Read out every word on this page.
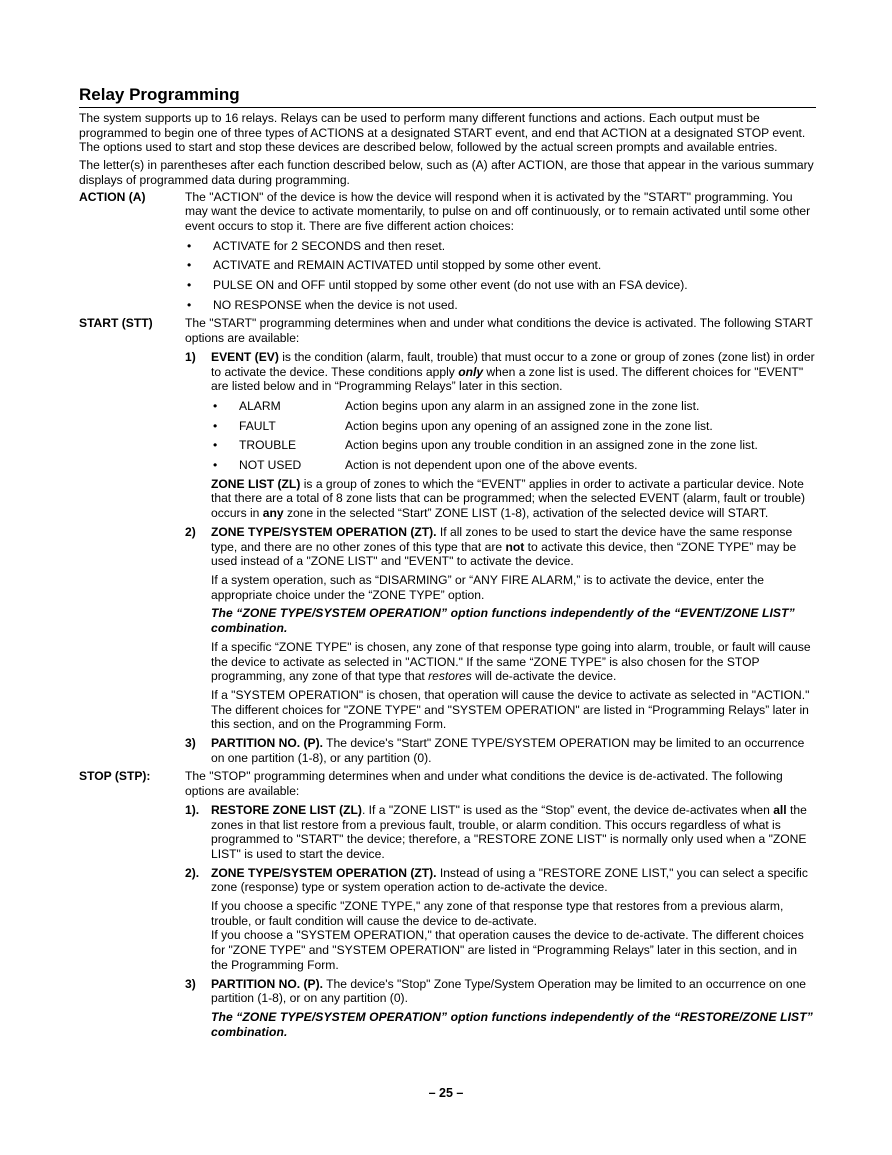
Relay Programming

The system supports up to 16 relays. Relays can be used to perform many different functions and actions. Each output must be programmed to begin one of three types of ACTIONS at a designated START event, and end that ACTION at a designated STOP event. The options used to start and stop these devices are described below, followed by the actual screen prompts and available entries.

The letter(s) in parentheses after each function described below, such as (A) after ACTION, are those that appear in the various summary displays of programmed data during programming.

ACTION (A)	The "ACTION" of the device is how the device will respond when it is activated by the "START" programming. You may want the device to activate momentarily, to pulse on and off continuously, or to remain activated until some other event occurs to stop it. There are five different action choices:

•	ACTIVATE for 2 SECONDS and then reset.
•	ACTIVATE and REMAIN ACTIVATED until stopped by some other event.
•	PULSE ON and OFF until stopped by some other event (do not use with an FSA device).
•	NO RESPONSE when the device is not used.
START (STT)	The "START" programming determines when and under what conditions the device is activated. The following START options are available:

1)	EVENT (EV) is the condition (alarm, fault, trouble) that must occur to a zone or group of zones (zone list) in order to activate the device. These conditions apply only when a zone list is used. The different choices for "EVENT" are listed below and in “Programming Relays” later in this section.

•	ALARM	Action begins upon any alarm in an assigned zone in the zone list.
•	FAULT	Action begins upon any opening of an assigned zone in the zone list.
•	TROUBLE	Action begins upon any trouble condition in an assigned zone in the zone list.
•	NOT USED	Action is not dependent upon one of the above events.

ZONE LIST (ZL) is a group of zones to which the “EVENT” applies in order to activate a particular device. Note that there are a total of 8 zone lists that can be programmed; when the selected EVENT (alarm, fault or trouble) occurs in any zone in the selected “Start” ZONE LIST (1-8), activation of the selected device will START.

2)	ZONE TYPE/SYSTEM OPERATION (ZT). If all zones to be used to start the device have the same response type, and there are no other zones of this type that are not to activate this device, then “ZONE TYPE” may be used instead of a "ZONE LIST" and "EVENT" to activate the device.

If a system operation, such as “DISARMING” or “ANY FIRE ALARM,” is to activate the device, enter the appropriate choice under the “ZONE TYPE” option.

The “ZONE TYPE/SYSTEM OPERATION” option functions independently of the “EVENT/ZONE LIST” combination.

If a specific “ZONE TYPE" is chosen, any zone of that response type going into alarm, trouble, or fault will cause the device to activate as selected in "ACTION." If the same “ZONE TYPE” is also chosen for the STOP programming, any zone of that type that restores will de-activate the device.

If a "SYSTEM OPERATION" is chosen, that operation will cause the device to activate as selected in "ACTION." The different choices for "ZONE TYPE" and "SYSTEM OPERATION" are listed in “Programming Relays” later in this section, and on the Programming Form.

3)	PARTITION NO. (P). The device's "Start" ZONE TYPE/SYSTEM OPERATION may be limited to an occurrence on one partition (1-8), or any partition (0).

STOP (STP):	The "STOP" programming determines when and under what conditions the device is de-activated. The following options are available:

1). RESTORE ZONE LIST (ZL). If a "ZONE LIST" is used as the “Stop” event, the device de-activates when all the zones in that list restore from a previous fault, trouble, or alarm condition. This occurs regardless of what is programmed to "START" the device; therefore, a "RESTORE ZONE LIST" is normally only used when a "ZONE LIST" is used to start the device.

2). ZONE TYPE/SYSTEM OPERATION (ZT). Instead of using a "RESTORE ZONE LIST," you can select a specific zone (response) type or system operation action to de-activate the device.

If you choose a specific "ZONE TYPE," any zone of that response type that restores from a previous alarm, trouble, or fault condition will cause the device to de-activate.

If you choose a "SYSTEM OPERATION," that operation causes the device to de-activate. The different choices for "ZONE TYPE" and "SYSTEM OPERATION" are listed in “Programming Relays” later in this section, and in the Programming Form.

3)	PARTITION NO. (P). The device's "Stop" Zone Type/System Operation may be limited to an occurrence on one partition (1-8), or on any partition (0).

The “ZONE TYPE/SYSTEM OPERATION” option functions independently of the “RESTORE/ZONE LIST” combination.

– 25 –
